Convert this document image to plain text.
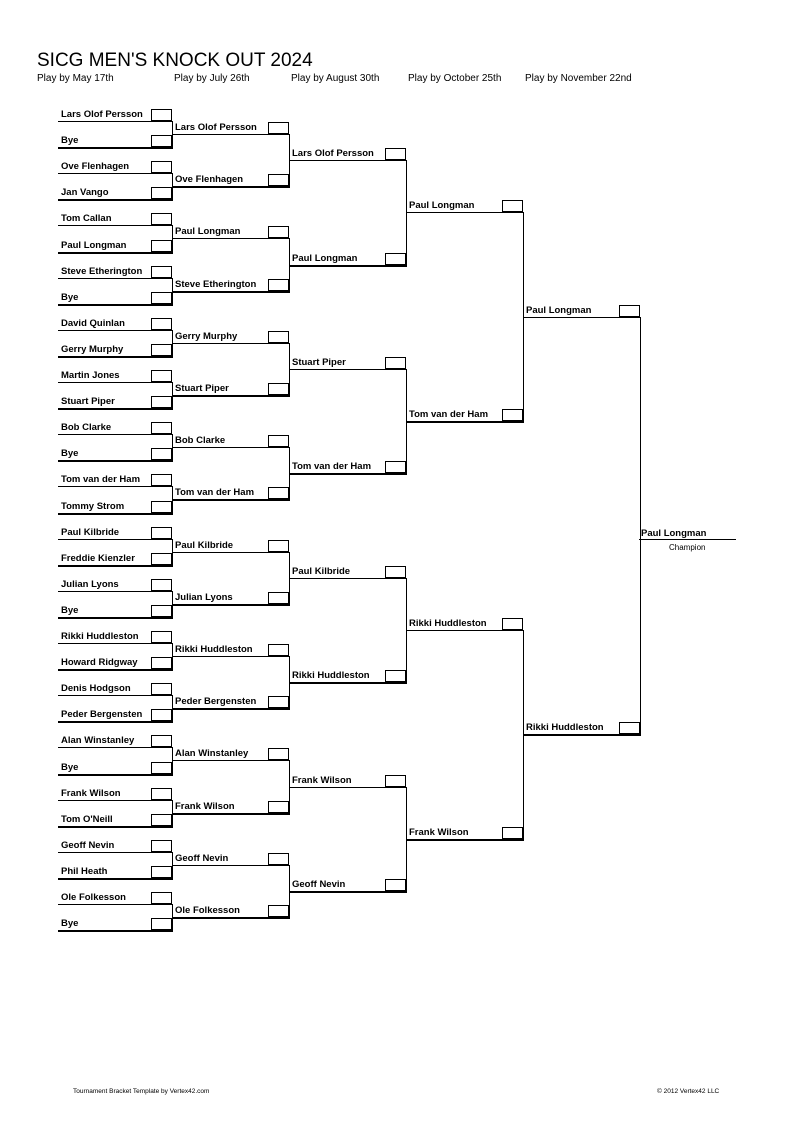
SICG MEN'S KNOCK OUT 2024
Play by May 17th	Play by July 26th	Play by August 30th	Play by October 25th Play by November 22nd
Lars Olof Persson
Bye
Ove Flenhagen
Jan Vango
Tom Callan
Paul Longman
Steve Etherington
Bye
David Quinlan
Gerry Murphy
Martin Jones
Stuart Piper
Bob Clarke
Bye
Tom van der Ham
Tommy Strom
Paul Kilbride
Freddie Kienzler
Julian Lyons
Bye
Rikki Huddleston
Howard Ridgway
Denis Hodgson
Peder Bergensten
Alan Winstanley
Bye
Frank Wilson
Tom O'Neill
Geoff Nevin
Phil Heath
Ole Folkesson
Bye
Lars Olof Persson
Ove Flenhagen
Paul Longman
Steve Etherington
Gerry Murphy
Stuart Piper
Bob Clarke
Tom van der Ham
Paul Kilbride
Julian Lyons
Rikki Huddleston
Peder Bergensten
Alan Winstanley
Frank Wilson
Geoff Nevin
Ole Folkesson
Lars Olof Persson
Paul Longman
Stuart Piper
Tom van der Ham
Paul Kilbride
Rikki Huddleston
Frank Wilson
Geoff Nevin
Paul Longman
Tom van der Ham
Rikki Huddleston
Frank Wilson
Paul Longman
Rikki Huddleston
Paul Longman
Champion
Tournament Bracket Template by Vertex42.com	© 2012 Vertex42 LLC
